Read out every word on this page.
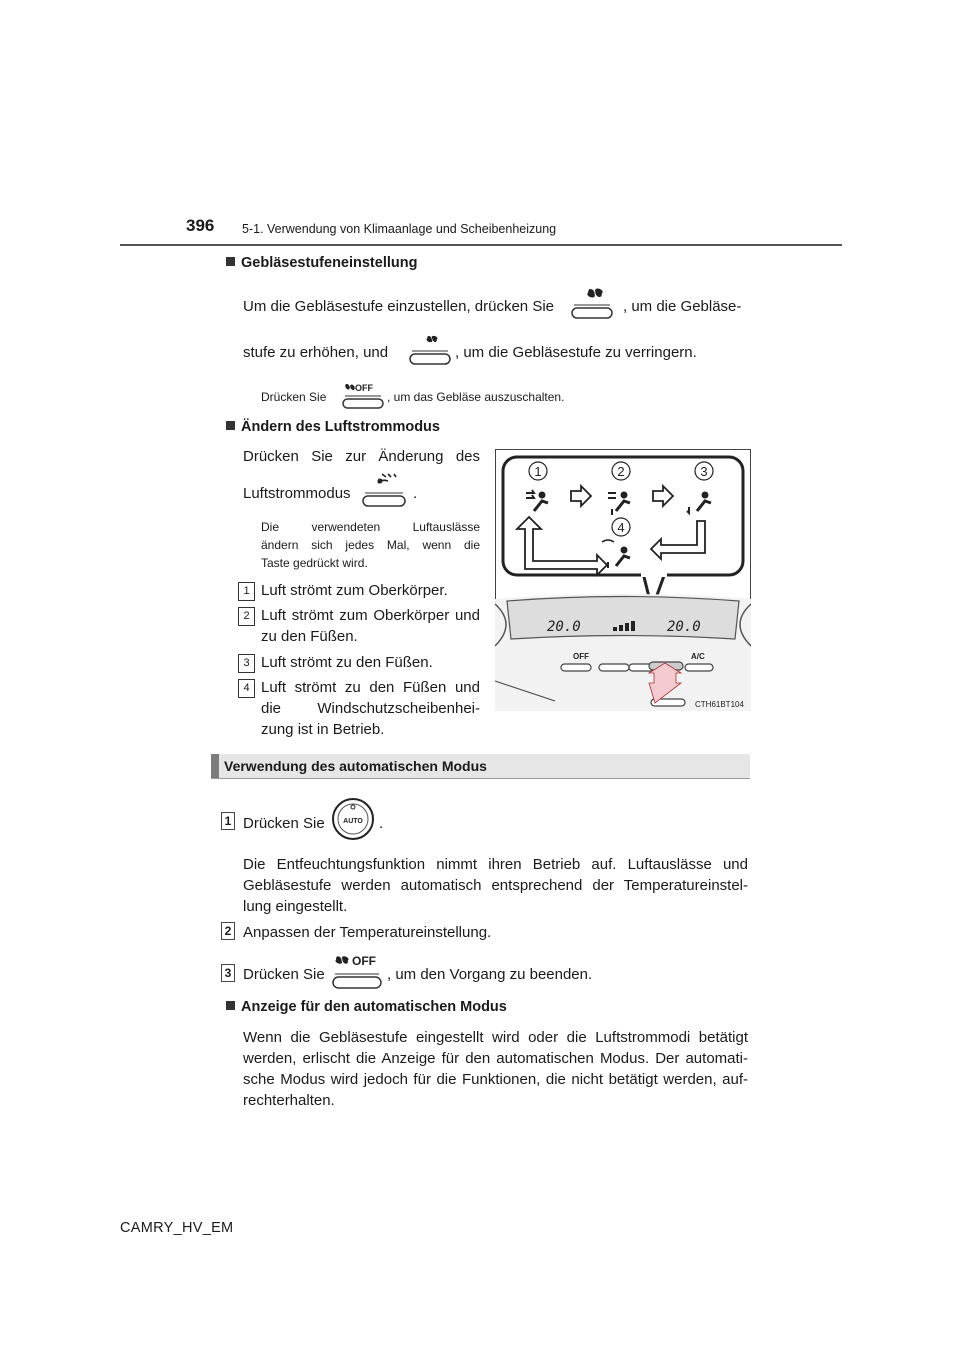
396 5-1. Verwendung von Klimaanlage und Scheibenheizung
Gebläsestufeneinstellung
Um die Gebläsestufe einzustellen, drücken Sie	, um die Gebläse-
stufe zu erhöhen, und	, um die Gebläsestufe zu verringern.
Drücken Sie
OFF
, um das Gebläse auszuschalten.
Ändern des Luftstrommodus
Drücken Sie zur Änderung des
Luftstrommodus	.
Die verwendeten Luftauslässe
ändern sich jedes Mal, wenn die
Taste gedrückt wird.
1 Luft strömt zum Oberkörper.
2 Luft strömt zum Oberkörper und
zu den Füßen.
3 Luft strömt zu den Füßen.
4 Luft strömt zu den Füßen und
die Windschutzscheibenhei-
zung ist in Betrieb.
1	2	3
4
20.0	20.0
OFF	A/C
CTH61BT104
Verwendung des automatischen Modus
1 Drücken Sie	AUTO .
Die Entfeuchtungsfunktion nimmt ihren Betrieb auf. Luftauslässe und
Gebläsestufe werden automatisch entsprechend der Temperatureinstel-
lung eingestellt.
2 Anpassen der Temperatureinstellung.
3 Drücken Sie
OFF
, um den Vorgang zu beenden.
Anzeige für den automatischen Modus
Wenn die Gebläsestufe eingestellt wird oder die Luftstrommodi betätigt
werden, erlischt die Anzeige für den automatischen Modus. Der automati-
sche Modus wird jedoch für die Funktionen, die nicht betätigt werden, auf-
rechterhalten.
CAMRY_HV_EM
